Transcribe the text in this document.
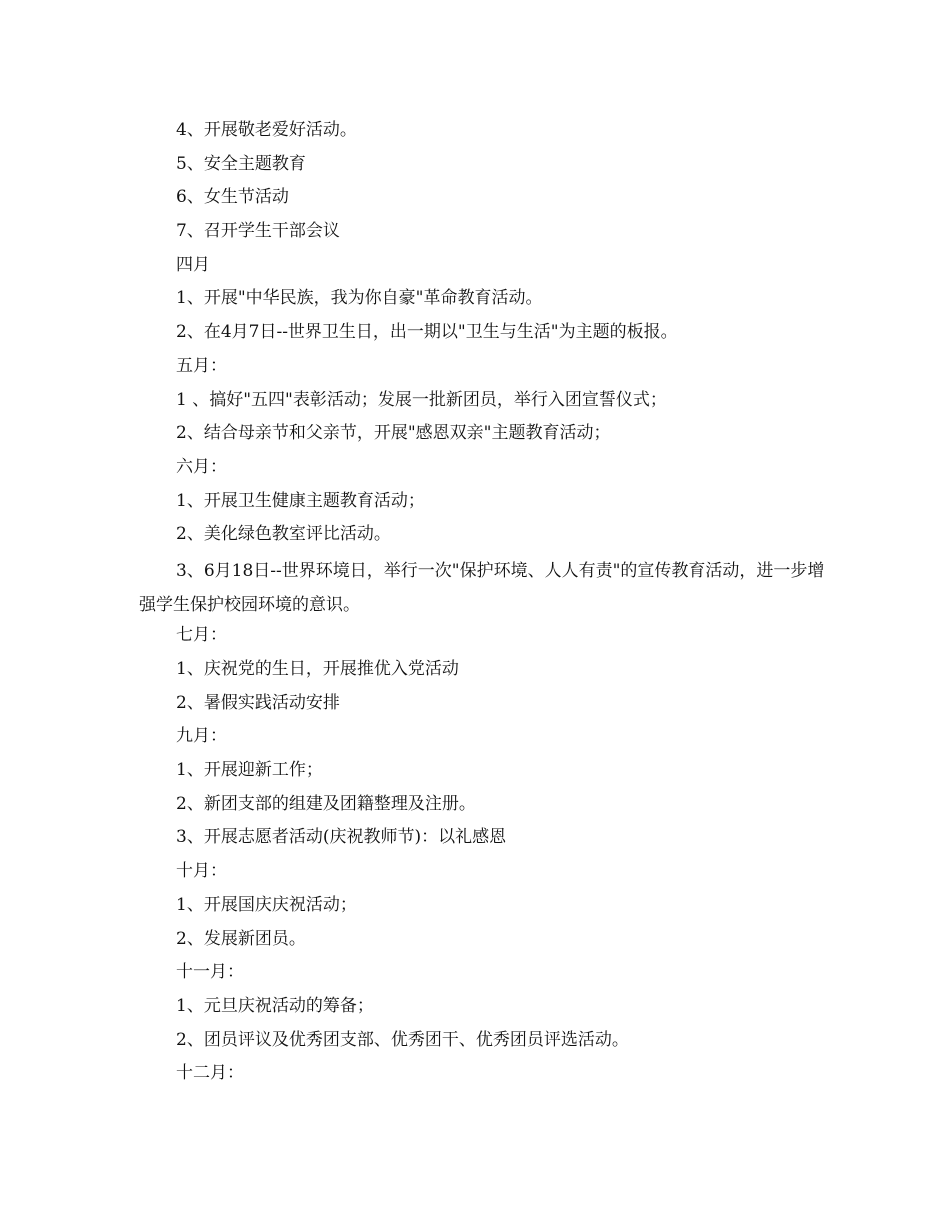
4、开展敬老爱好活动。
5、安全主题教育
6、女生节活动
7、召开学生干部会议
四月
1、开展"中华民族，我为你自豪"革命教育活动。
2、在4月7日--世界卫生日，出一期以"卫生与生活"为主题的板报。
五月：
1 、搞好"五四"表彰活动；发展一批新团员，举行入团宣誓仪式；
2、结合母亲节和父亲节，开展"感恩双亲"主题教育活动；
六月：
1、开展卫生健康主题教育活动；
2、美化绿色教室评比活动。
3、6月18日--世界环境日，举行一次"保护环境、人人有责"的宣传教育活动，进一步增强学生保护校园环境的意识。
七月：
1、庆祝党的生日，开展推优入党活动
2、暑假实践活动安排
九月：
1、开展迎新工作；
2、新团支部的组建及团籍整理及注册。
3、开展志愿者活动(庆祝教师节)：以礼感恩
十月：
1、开展国庆庆祝活动；
2、发展新团员。
十一月：
1、元旦庆祝活动的筹备；
2、团员评议及优秀团支部、优秀团干、优秀团员评选活动。
十二月：
